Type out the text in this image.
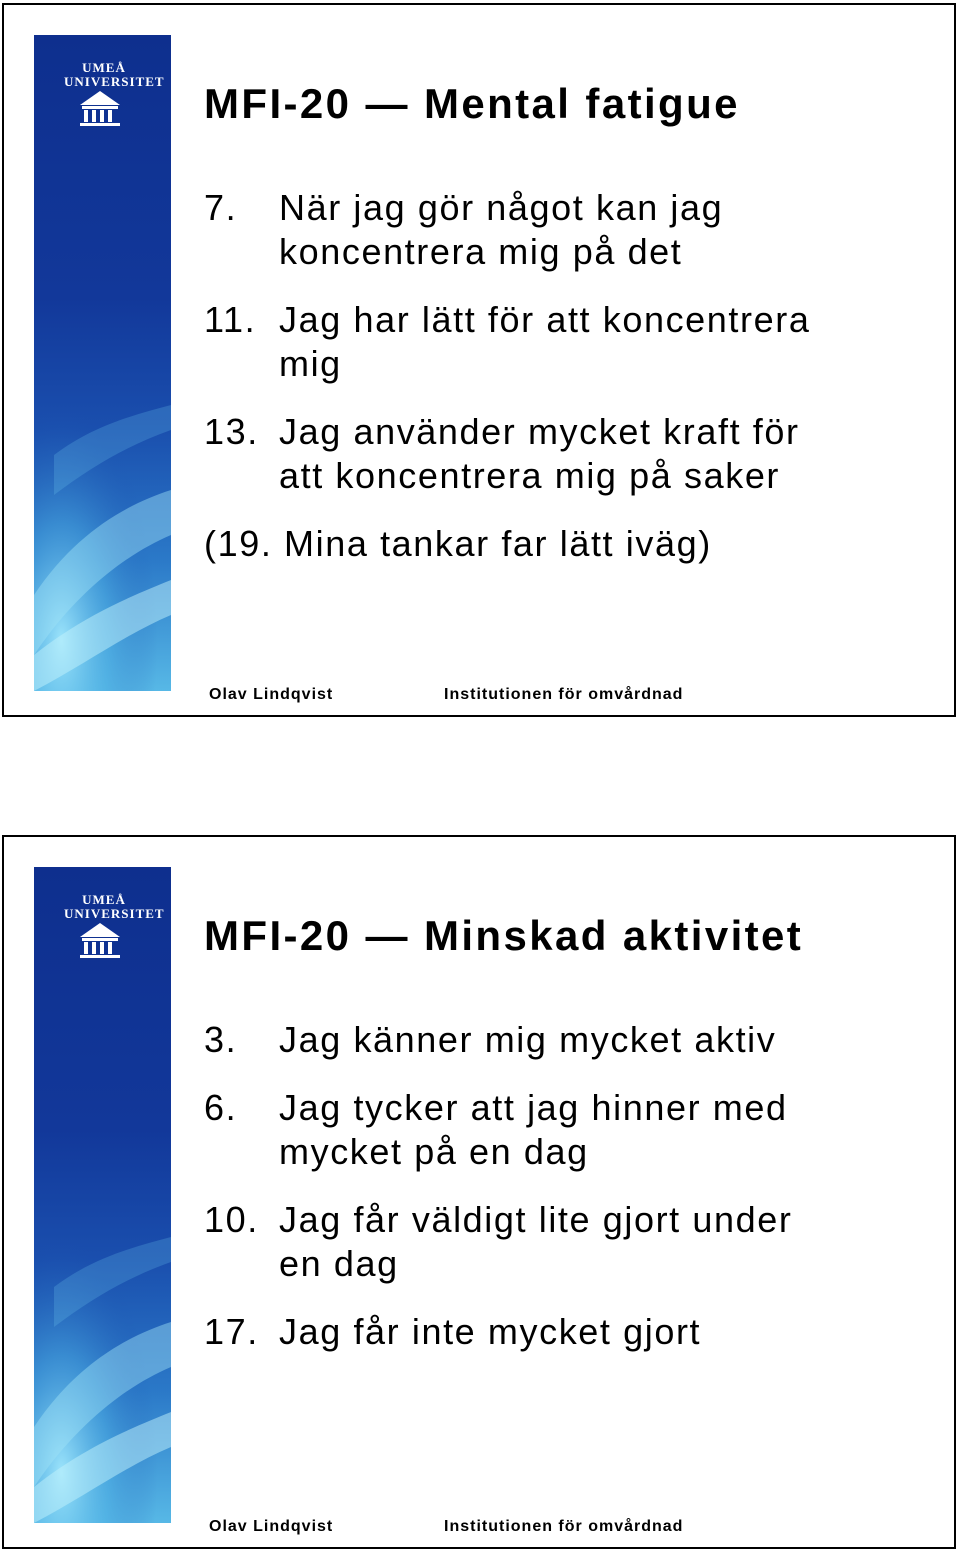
UMEÅ UNIVERSITET MFI-20 — Mental fatigue
7. När jag gör något kan jag
koncentrera mig på det
11. Jag har lätt för att koncentrera
mig
13. Jag använder mycket kraft för
att koncentrera mig på saker
(19. Mina tankar far lätt iväg)
Olav Lindqvist	Institutionen för omvårdnad
UMEÅ UNIVERSITET MFI-20 — Minskad aktivitet
3. Jag känner mig mycket aktiv
6. Jag tycker att jag hinner med
mycket på en dag
10. Jag får väldigt lite gjort under
en dag
17. Jag får inte mycket gjort
Olav Lindqvist	Institutionen för omvårdnad
